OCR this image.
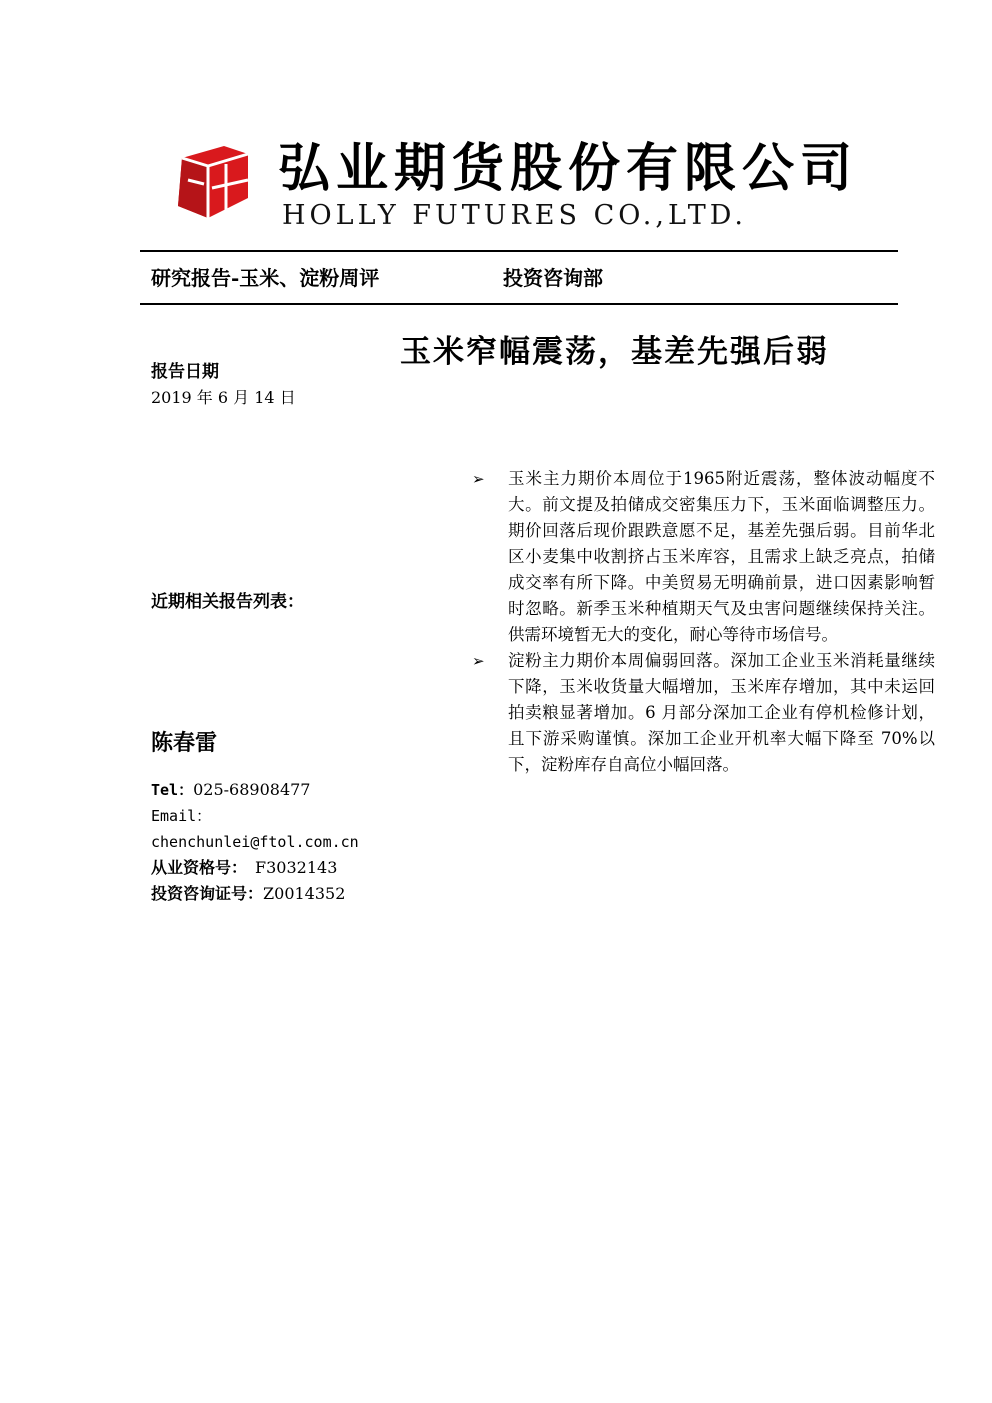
弘业期货股份有限公司
HOLLY FUTURES CO.,LTD.
研究报告-玉米、淀粉周评	投资咨询部
玉米窄幅震荡，基差先强后弱
报告日期
2019 年 6 月 14 日
近期相关报告列表：
陈春雷
Tel：025-68908477
Email：
chenchunlei@ftol.com.cn
从业资格号： F3032143
投资咨询证号：Z0014352

➢ 玉米主力期价本周位于1965附近震荡，整体波动幅度不大。前文提及拍储成交密集压力下，玉米面临调整压力。期价回落后现价跟跌意愿不足，基差先强后弱。目前华北区小麦集中收割挤占玉米库容，且需求上缺乏亮点，拍储成交率有所下降。中美贸易无明确前景，进口因素影响暂时忽略。新季玉米种植期天气及虫害问题继续保持关注。供需环境暂无大的变化，耐心等待市场信号。

➢ 淀粉主力期价本周偏弱回落。深加工企业玉米消耗量继续下降，玉米收货量大幅增加，玉米库存增加，其中未运回拍卖粮显著增加。6 月部分深加工企业有停机检修计划，且下游采购谨慎。深加工企业开机率大幅下降至 70%以下，淀粉库存自高位小幅回落。
